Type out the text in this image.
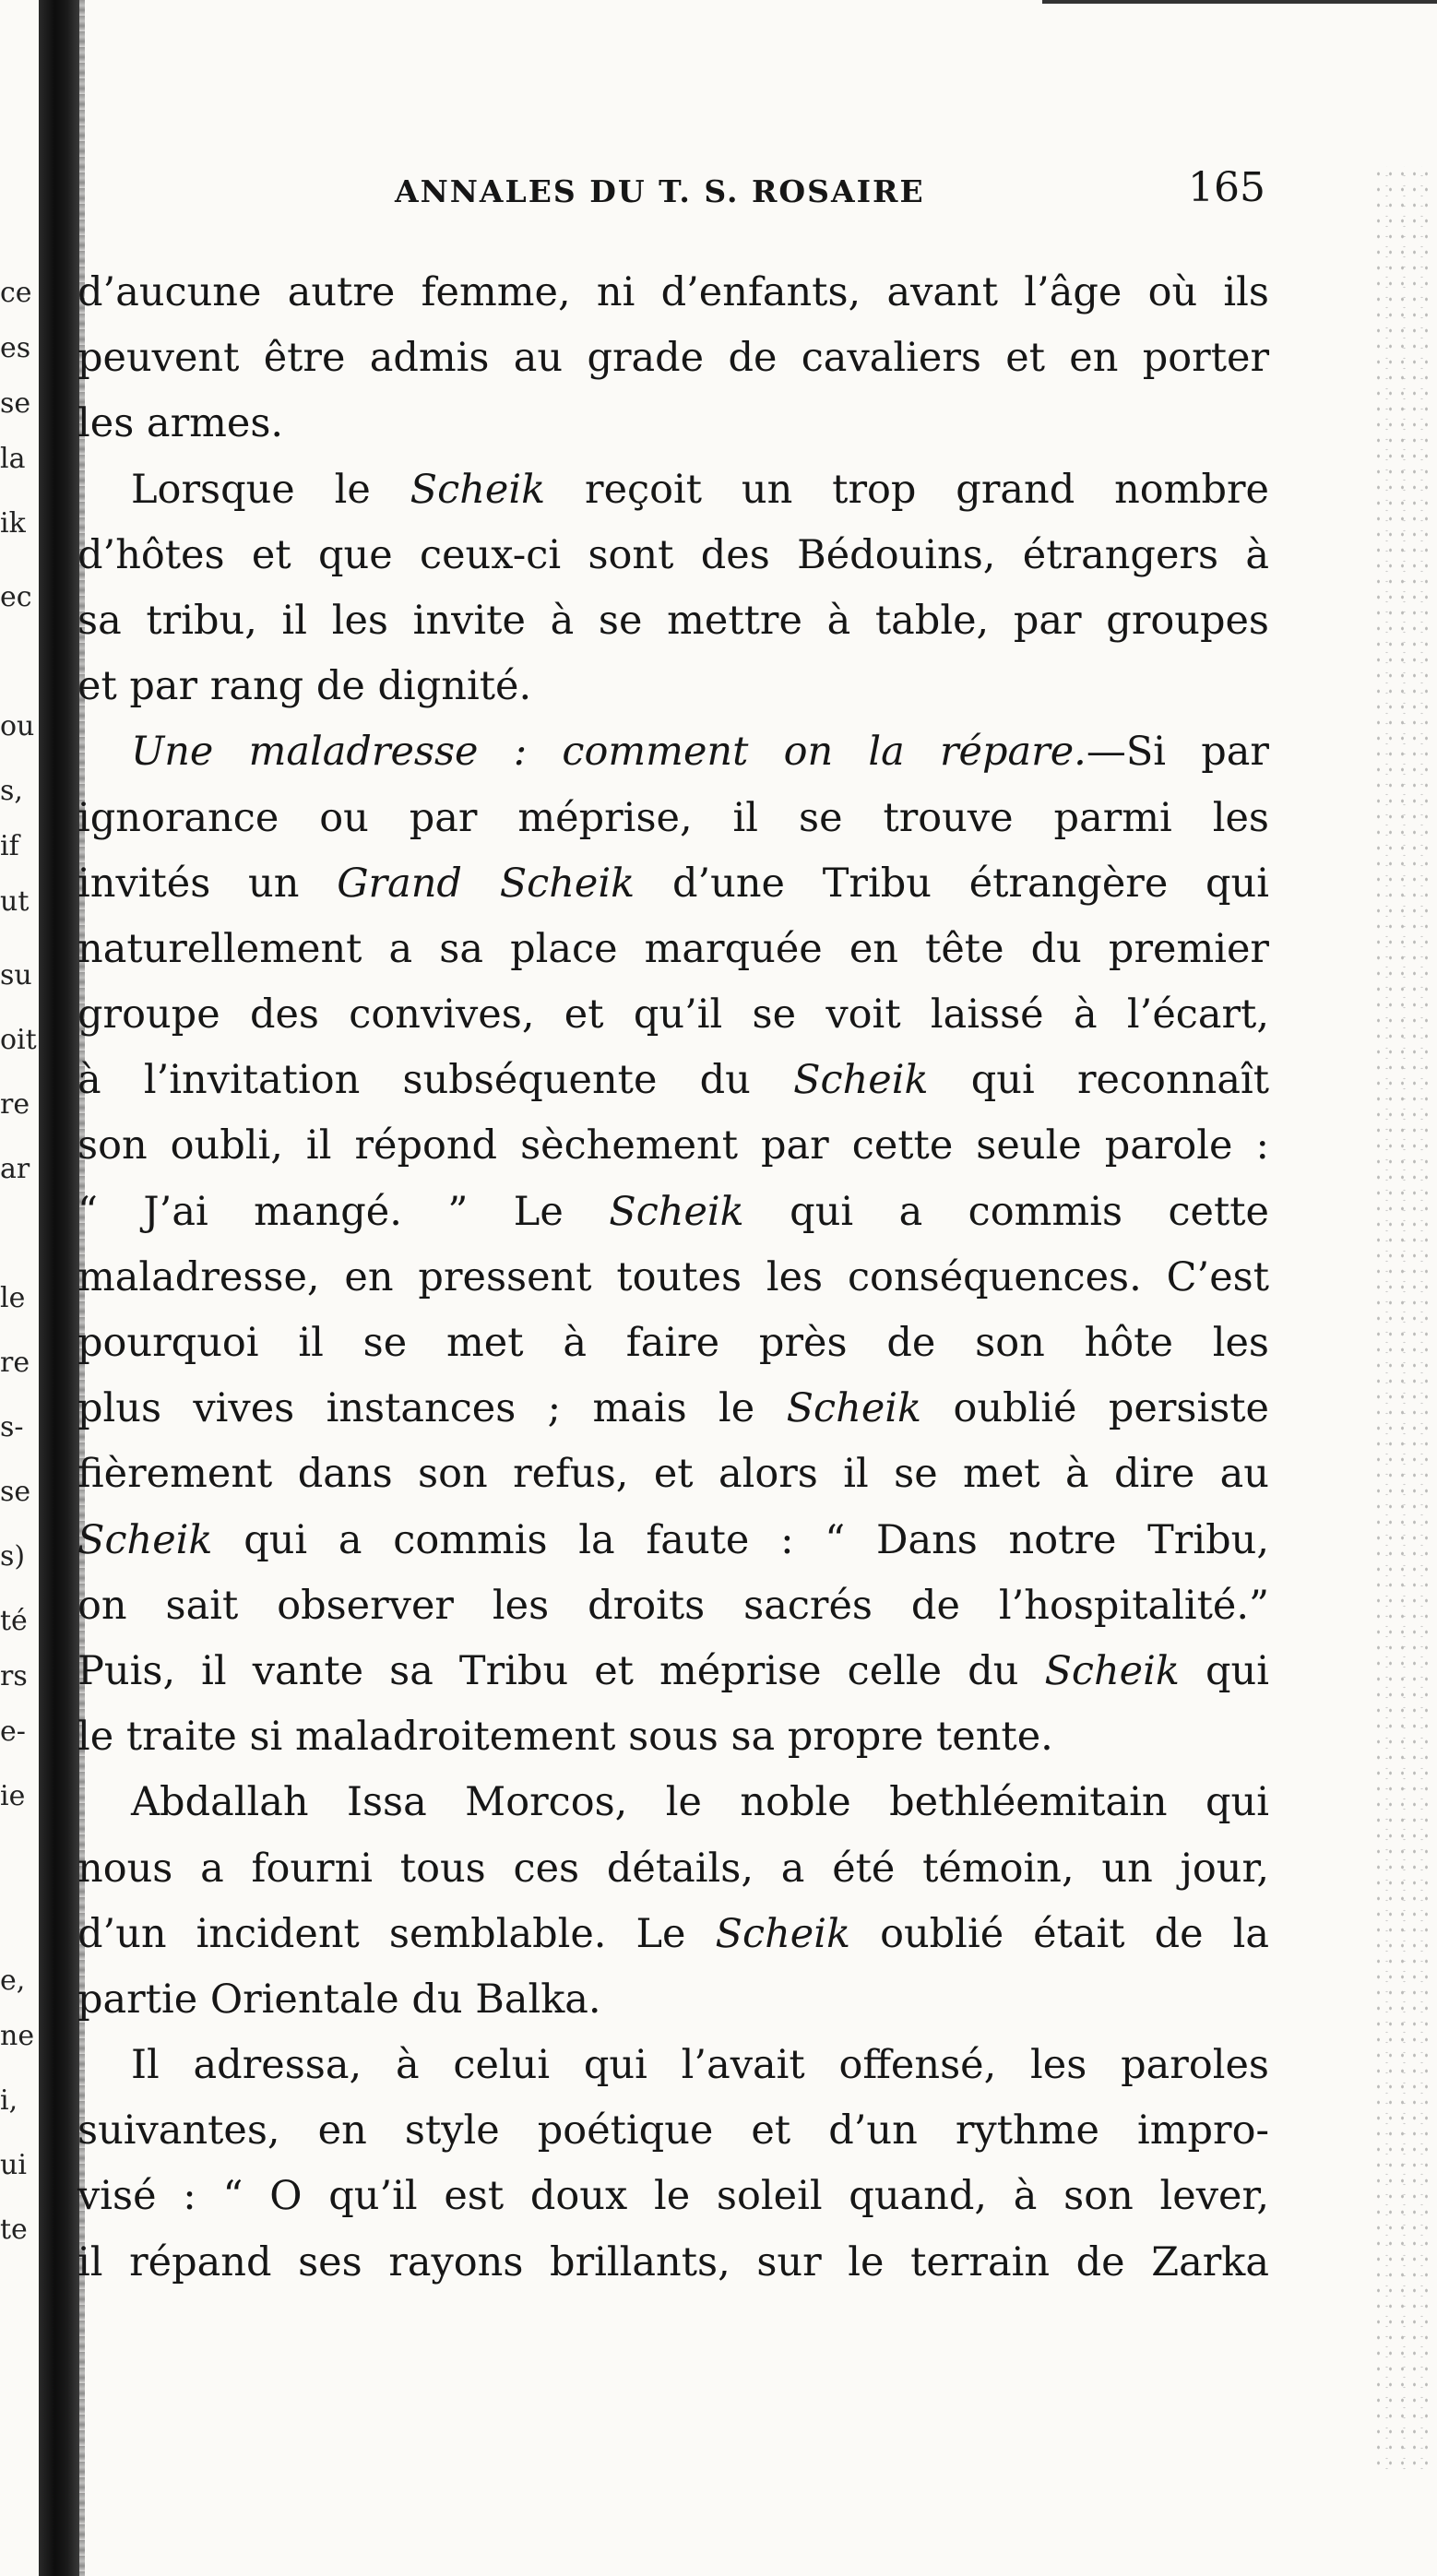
ce
es
se
la
ik
ec
ou
s,
if
ut
su
oit
re
ar
le
re
s-
se
s)
té
rs
e-
ie
e,
ne
i,
ui
te
ANNALES DU T. S. ROSAIRE	165
d’aucune autre femme, ni d’enfants, avant l’âge où ils
peuvent être admis au grade de cavaliers et en porter
les armes.
Lorsque le Scheik reçoit un trop grand nombre
d’hôtes et que ceux-ci sont des Bédouins, étrangers à
sa tribu, il les invite à se mettre à table, par groupes
et par rang de dignité.
Une maladresse : comment on la répare.—Si par
ignorance ou par méprise, il se trouve parmi les
invités un Grand Scheik d’une Tribu étrangère qui
naturellement a sa place marquée en tête du premier
groupe des convives, et qu’il se voit laissé à l’écart,
à l’invitation subséquente du Scheik qui reconnaît
son oubli, il répond sèchement par cette seule parole :
“ J’ai mangé. ” Le Scheik qui a commis cette
maladresse, en pressent toutes les conséquences. C’est
pourquoi il se met à faire près de son hôte les
plus vives instances ; mais le Scheik oublié persiste
fièrement dans son refus, et alors il se met à dire au
Scheik qui a commis la faute : “ Dans notre Tribu,
on sait observer les droits sacrés de l’hospitalité.”
Puis, il vante sa Tribu et méprise celle du Scheik qui
le traite si maladroitement sous sa propre tente.
Abdallah Issa Morcos, le noble bethléemitain qui
nous a fourni tous ces détails, a été témoin, un jour,
d’un incident semblable. Le Scheik oublié était de la
partie Orientale du Balka.
Il adressa, à celui qui l’avait offensé, les paroles
suivantes, en style poétique et d’un rythme impro-
visé : “ O qu’il est doux le soleil quand, à son lever,
il répand ses rayons brillants, sur le terrain de Zarka
